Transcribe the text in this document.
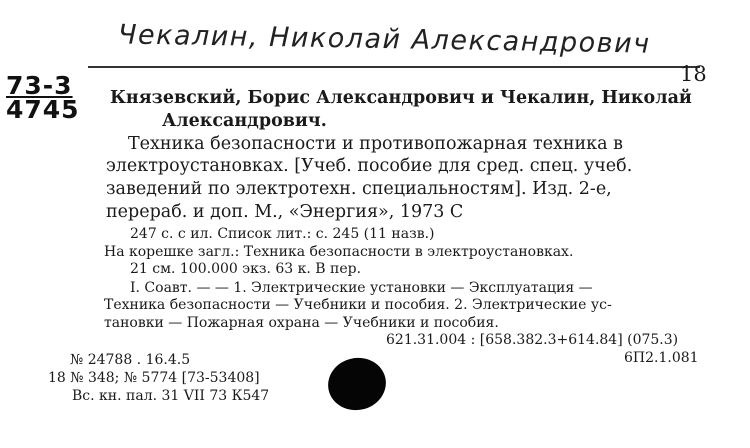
Чекалин, Николай Александрович
73-3
4745
18
Князевский, Борис Александрович и Чекалин, Николай
Александрович.
Техника безопасности и противопожарная техника в
электроустановках. [Учеб. пособие для сред. спец. учеб.
заведений по электротехн. специальностям]. Изд. 2-е,
перераб. и доп. М., «Энергия», 1973 С
247 с. с ил. Список лит.: с. 245 (11 назв.)
На корешке загл.: Техника безопасности в электроустановках.
21 см. 100.000 экз. 63 к. В пер.
I. Соавт. — — 1. Электрические установки — Эксплуатация —
Техника безопасности — Учебники и пособия. 2. Электрические ус-
тановки — Пожарная охрана — Учебники и пособия.
621.31.004 : [658.382.3+614.84] (075.3)
6П2.1.081
№ 24788 . 16.4.5
18 № 348; № 5774 [73-53408]
Вс. кн. пал. 31 VII 73 К547
